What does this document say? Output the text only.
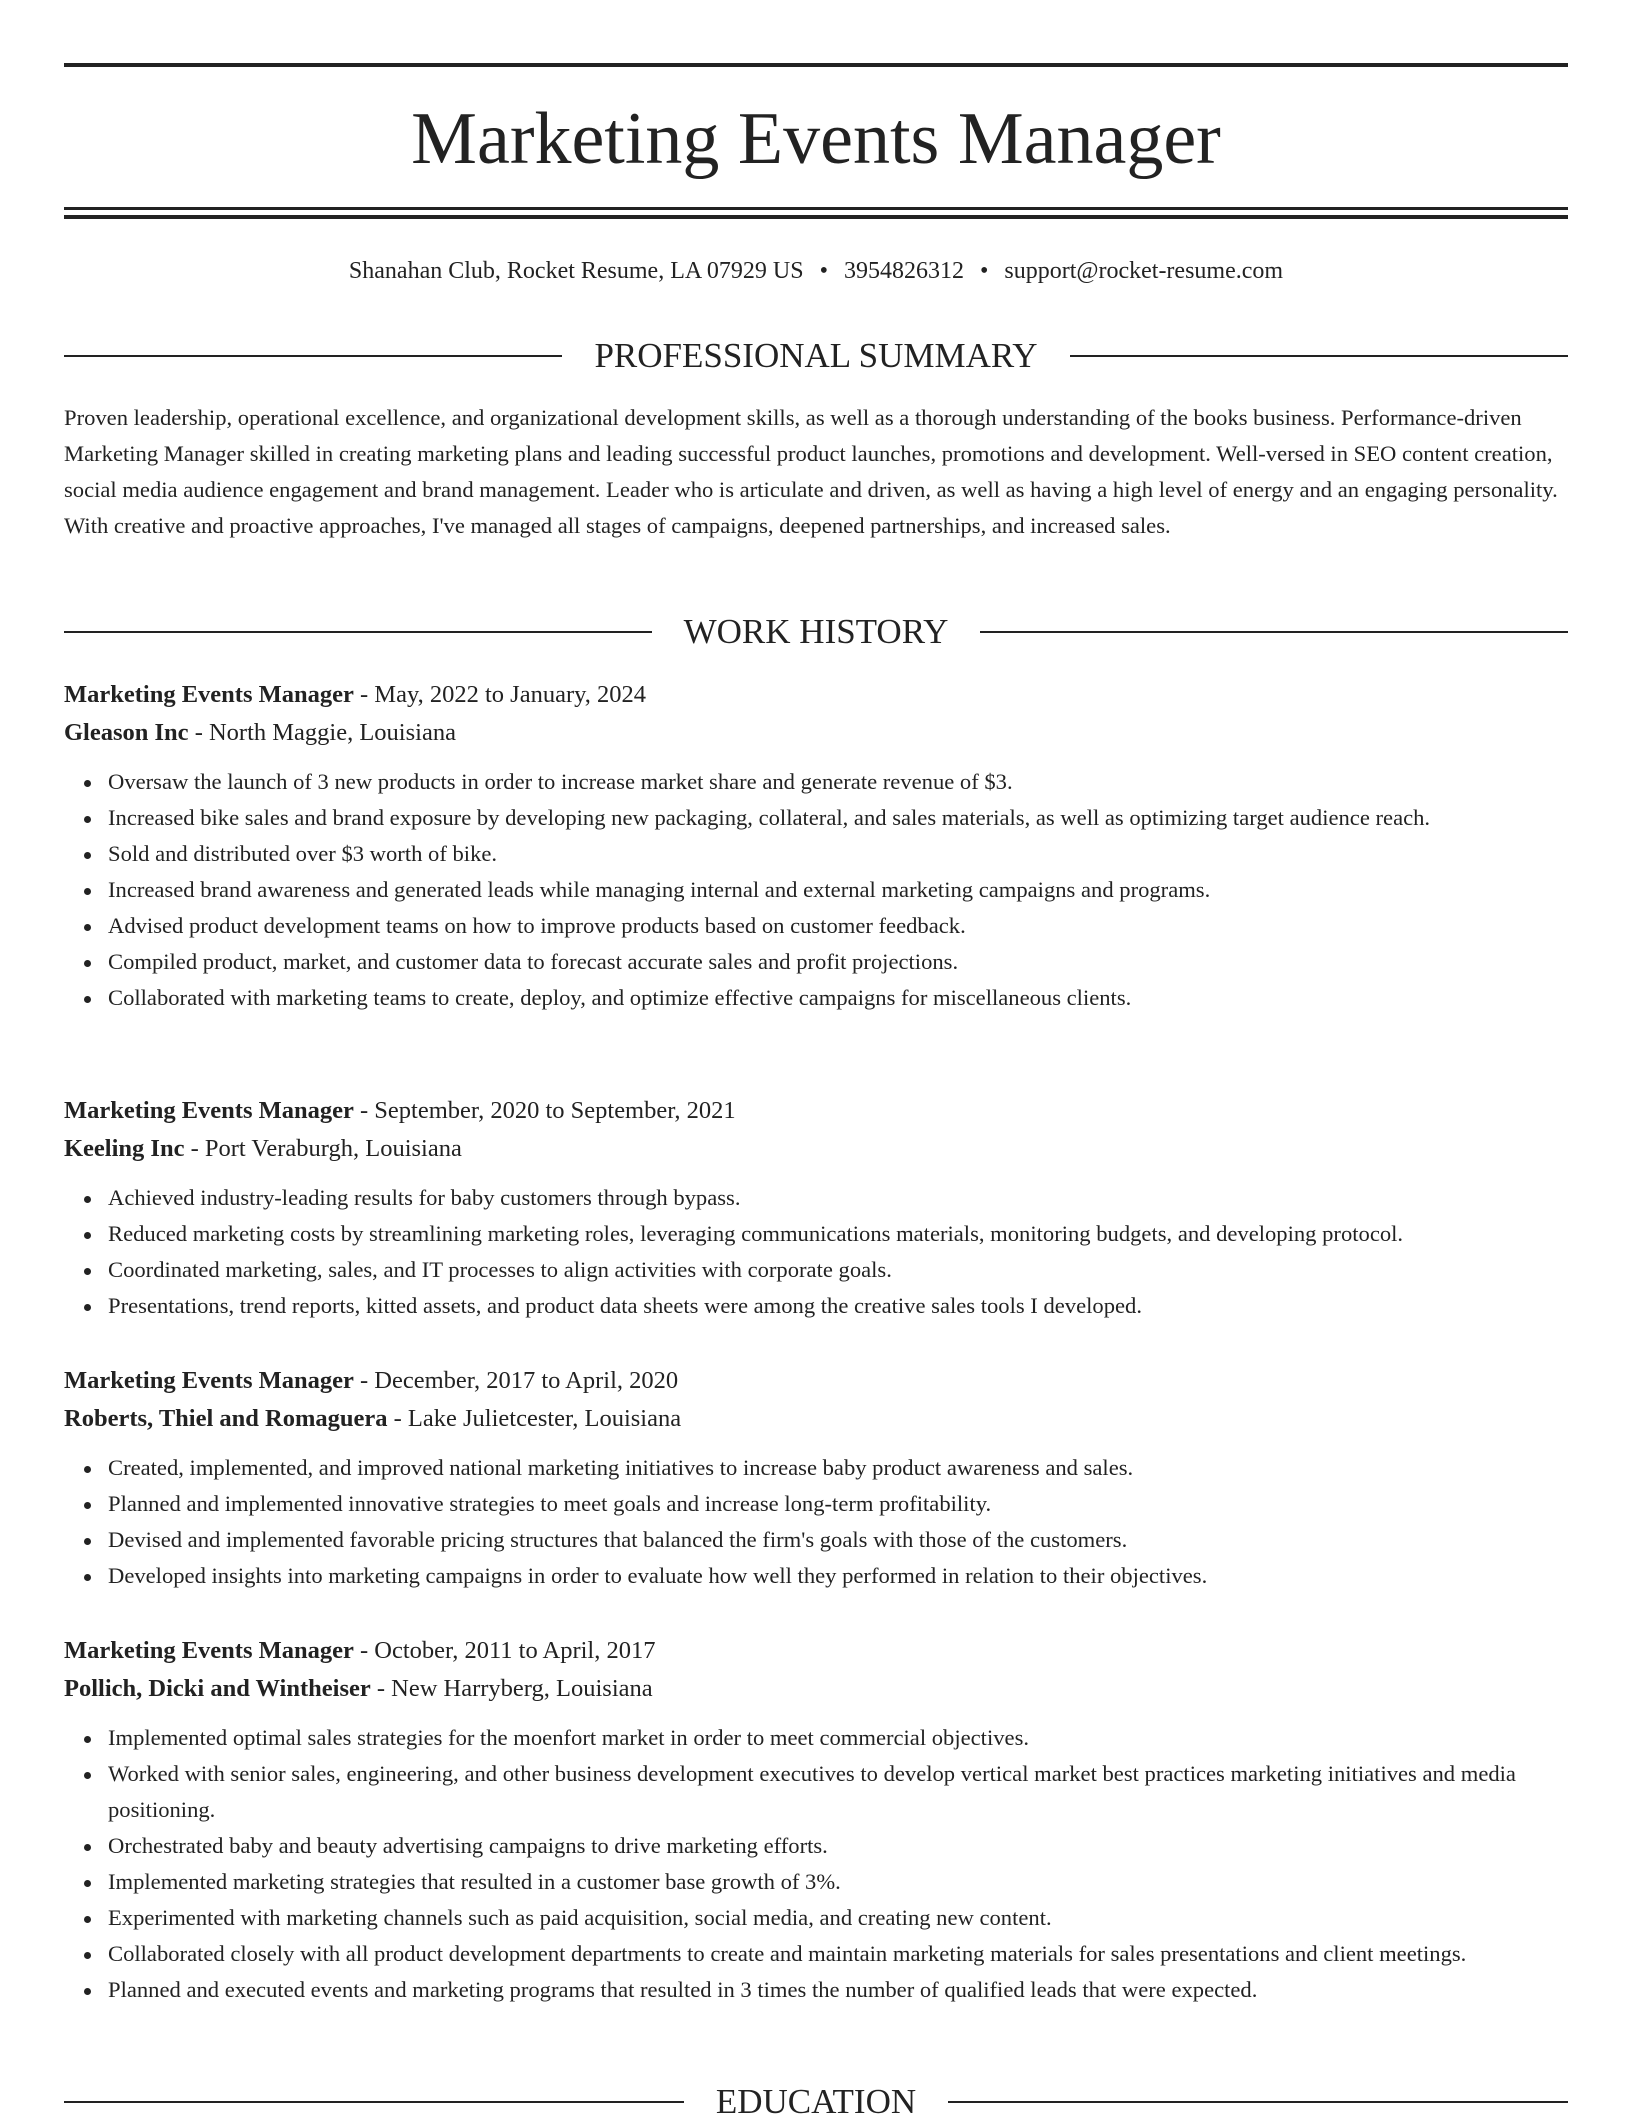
Marketing Events Manager
Shanahan Club, Rocket Resume, LA 07929 US • 3954826312 • support@rocket-resume.com
PROFESSIONAL SUMMARY

Proven leadership, operational excellence, and organizational development skills, as well as a thorough understanding of the books business. Performance-driven Marketing Manager skilled in creating marketing plans and leading successful product launches, promotions and development. Well-versed in SEO content creation, social media audience engagement and brand management. Leader who is articulate and driven, as well as having a high level of energy and an engaging personality. With creative and proactive approaches, I've managed all stages of campaigns, deepened partnerships, and increased sales.

WORK HISTORY
Marketing Events Manager - May, 2022 to January, 2024
Gleason Inc - North Maggie, Louisiana
Oversaw the launch of 3 new products in order to increase market share and generate revenue of $3.
Increased bike sales and brand exposure by developing new packaging, collateral, and sales materials, as well as optimizing target audience reach.
Sold and distributed over $3 worth of bike.
Increased brand awareness and generated leads while managing internal and external marketing campaigns and programs.
Advised product development teams on how to improve products based on customer feedback.
Compiled product, market, and customer data to forecast accurate sales and profit projections.
Collaborated with marketing teams to create, deploy, and optimize effective campaigns for miscellaneous clients.
Marketing Events Manager - September, 2020 to September, 2021
Keeling Inc - Port Veraburgh, Louisiana
Achieved industry-leading results for baby customers through bypass.
Reduced marketing costs by streamlining marketing roles, leveraging communications materials, monitoring budgets, and developing protocol.
Coordinated marketing, sales, and IT processes to align activities with corporate goals.
Presentations, trend reports, kitted assets, and product data sheets were among the creative sales tools I developed.
Marketing Events Manager - December, 2017 to April, 2020
Roberts, Thiel and Romaguera - Lake Julietcester, Louisiana
Created, implemented, and improved national marketing initiatives to increase baby product awareness and sales.
Planned and implemented innovative strategies to meet goals and increase long-term profitability.
Devised and implemented favorable pricing structures that balanced the firm's goals with those of the customers.
Developed insights into marketing campaigns in order to evaluate how well they performed in relation to their objectives.
Marketing Events Manager - October, 2011 to April, 2017
Pollich, Dicki and Wintheiser - New Harryberg, Louisiana
Implemented optimal sales strategies for the moenfort market in order to meet commercial objectives.
Worked with senior sales, engineering, and other business development executives to develop vertical market best practices marketing initiatives and media positioning.
Orchestrated baby and beauty advertising campaigns to drive marketing efforts.
Implemented marketing strategies that resulted in a customer base growth of 3%.
Experimented with marketing channels such as paid acquisition, social media, and creating new content.
Collaborated closely with all product development departments to create and maintain marketing materials for sales presentations and client meetings.
Planned and executed events and marketing programs that resulted in 3 times the number of qualified leads that were expected.
EDUCATION
